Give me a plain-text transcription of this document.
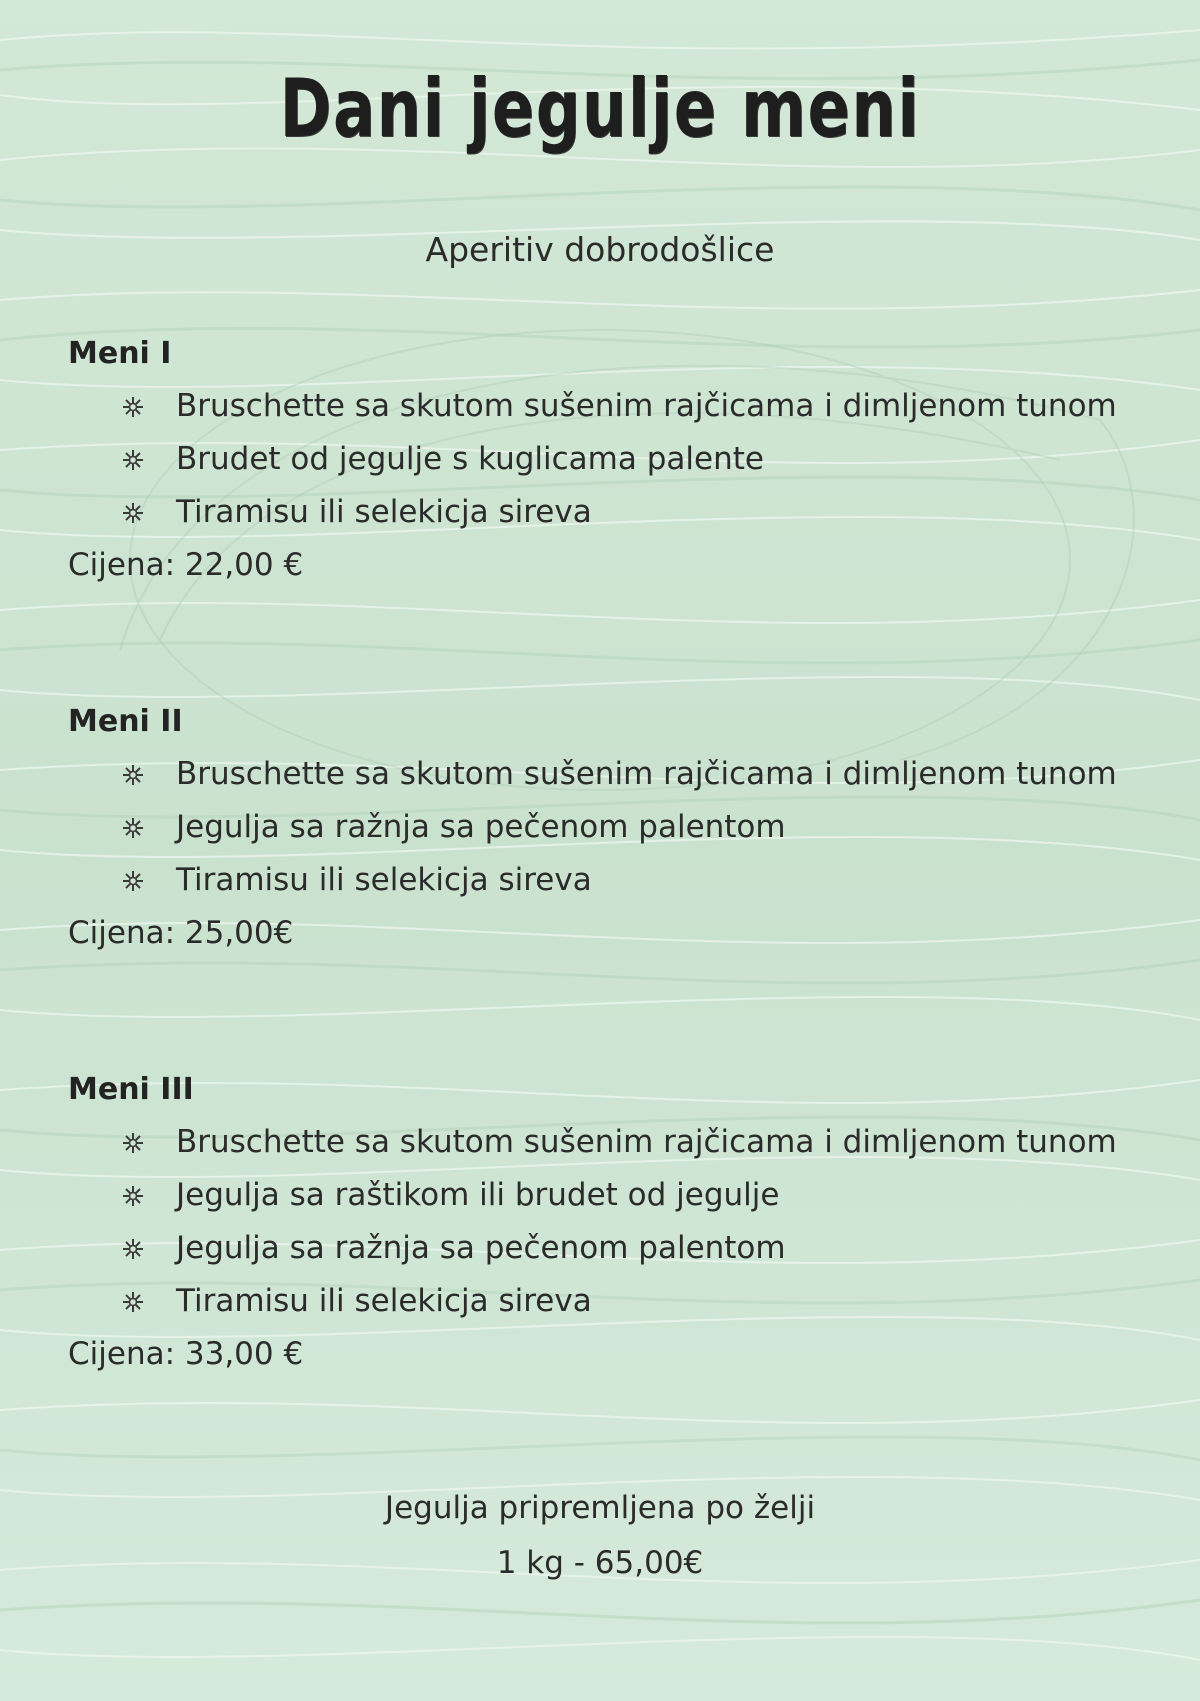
Dani jegulje meni
Aperitiv dobrodošlice
Meni I
Bruschette sa skutom sušenim rajčicama i dimljenom tunom
Brudet od jegulje s kuglicama palente
Tiramisu ili selekicja sireva
Cijena: 22,00 €
Meni II
Bruschette sa skutom sušenim rajčicama i dimljenom tunom
Jegulja sa ražnja sa pečenom palentom
Tiramisu ili selekicja sireva
Cijena: 25,00€
Meni III
Bruschette sa skutom sušenim rajčicama i dimljenom tunom
Jegulja sa raštikom ili brudet od jegulje
Jegulja sa ražnja sa pečenom palentom
Tiramisu ili selekicja sireva
Cijena: 33,00 €
Jegulja pripremljena po želji
1 kg - 65,00€
